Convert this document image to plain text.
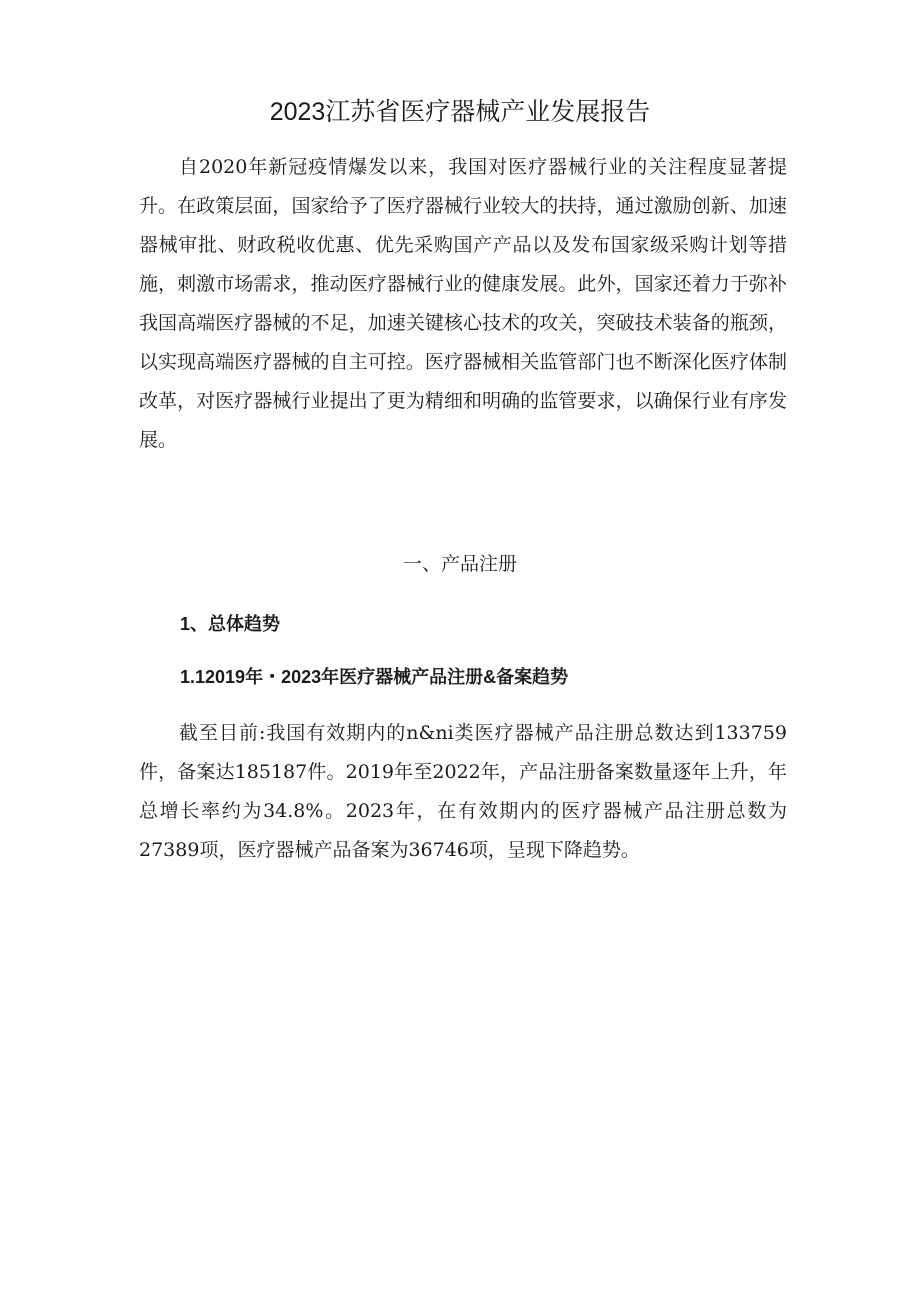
2023江苏省医疗器械产业发展报告

自2020年新冠疫情爆发以来，我国对医疗器械行业的关注程度显著提升。在政策层面，国家给予了医疗器械行业较大的扶持，通过激励创新、加速器械审批、财政税收优惠、优先采购国产产品以及发布国家级采购计划等措施，刺激市场需求，推动医疗器械行业的健康发展。此外，国家还着力于弥补我国高端医疗器械的不足，加速关键核心技术的攻关，突破技术装备的瓶颈，以实现高端医疗器械的自主可控。医疗器械相关监管部门也不断深化医疗体制改革，对医疗器械行业提出了更为精细和明确的监管要求，以确保行业有序发展。

一、产品注册
1、总体趋势
1.12019年・2023年医疗器械产品注册&备案趋势

截至目前:我国有效期内的n&ni类医疗器械产品注册总数达到133759件，备案达185187件。2019年至2022年，产品注册备案数量逐年上升，年总增长率约为34.8%。2023年，在有效期内的医疗器械产品注册总数为27389项，医疗器械产品备案为36746项，呈现下降趋势。
